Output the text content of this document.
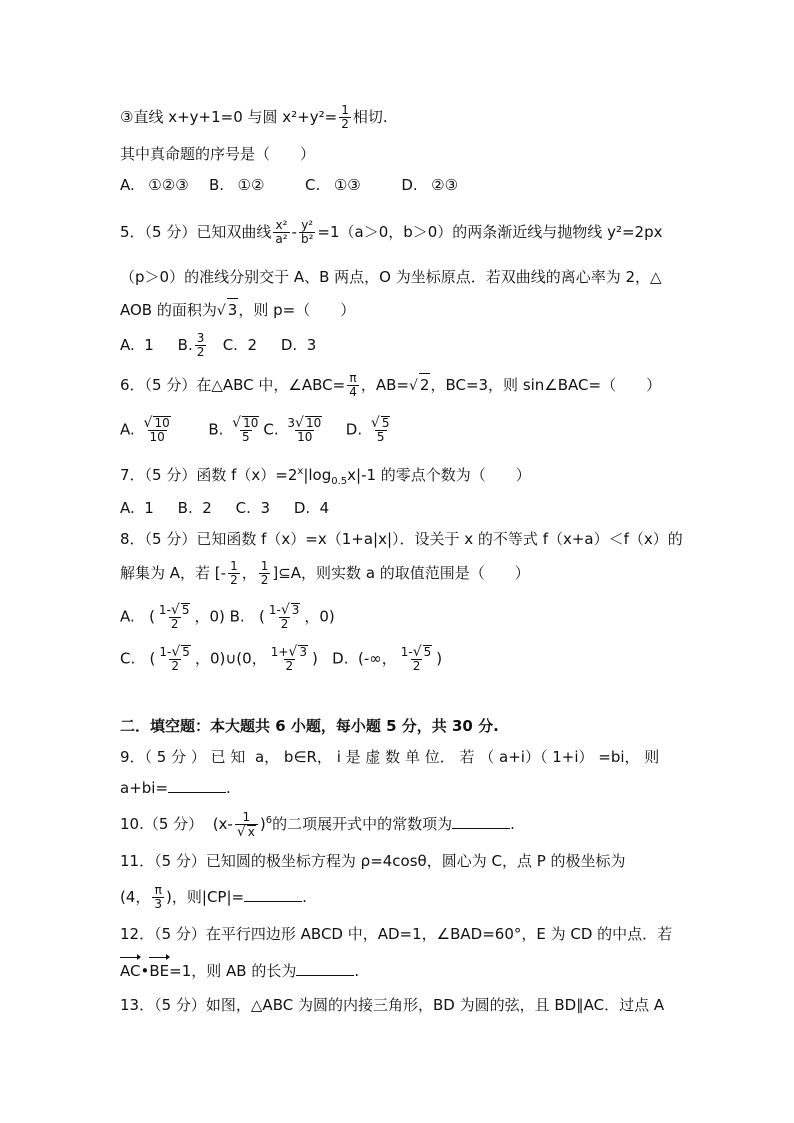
③直线 x+y+1=0 与圆 $x^2+y^2= \frac{1}{2}$ 相切.
其中真命题的序号是（　　）
A.  ①②③   B.  ①②      C.  ①③      D.  ②③
5．（5 分）已知双曲线 $\frac{\text{x²}}{\text{a²}} - \frac{\text{y²}}{\text{b²}} =1(a>0$，b＞0）的两条渐近线与抛物线 y²=2px
（p＞0）的准线分别交于 A、B 两点，O 为坐标原点．若双曲线的离心率为 2，△
AOB 的面积为√ 3，则 p=（　　）
A.  1     B. $\frac{3}{2} C$.  2     D.  3
6．（5 分）在△ABC 中，∠ABC= $\frac{\pi}{4}$ ，AB=√ 2，BC=3，则 sin∠BAC=（　　）
A. $\frac{√ 10}{10} B$. $\frac{√ 10}{5} C$. $\frac{3√ 10}{10} D$. $\frac{√ 5}{5}$
7．（5 分）函数 $f(x)=2^x|\log_{0.5}x|-1$ 的零点个数为（　　）
A.  1     B.  2     C.  3     D.  4
8．（5 分）已知函数 f（x）=x（1+a|x|）．设关于 x 的不等式 f（x+a）＜f（x）的
解集为 A，若 [- $\frac{1}{2}$ ， $\frac{1}{2}$ ]⊆A，则实数 a 的取值范围是（　　）
A.   ( $\frac{1-√ 5}{2}$ ，0) B.   ( $\frac{1-√ 3}{2}$ ，0)
C.   ( $\frac{1-√ 5}{2}$ ，0)∪(0， $\frac{1+√ 3}{2}$ )   D.  (-∞， $\frac{1-√ 5}{2}$ )
二．填空题：本大题共 6 小题，每小题 5 分，共 30 分.
9．（ 5 分 ） 已 知  a， b∈R， i 是 虚 数 单 位． 若 （ a+i）（ 1+i） =bi， 则
a+bi=	.
10.（5 分）  $(x- \frac{1}{√ x} )^6$的二项展开式中的常数项为	.
11．（5 分）已知圆的极坐标方程为 ρ=4cosθ，圆心为 C，点 P 的极坐标为
(4， $\frac{\pi}{3}$ )，则|CP|=	.
12．（5 分）在平行四边形 ABCD 中，AD=1，∠BAD=60°，E 为 CD 的中点．若
AC•BE=1，则 AB 的长为	.
13．（5 分）如图，△ABC 为圆的内接三角形，BD 为圆的弦，且 BD∥AC．过点 A
